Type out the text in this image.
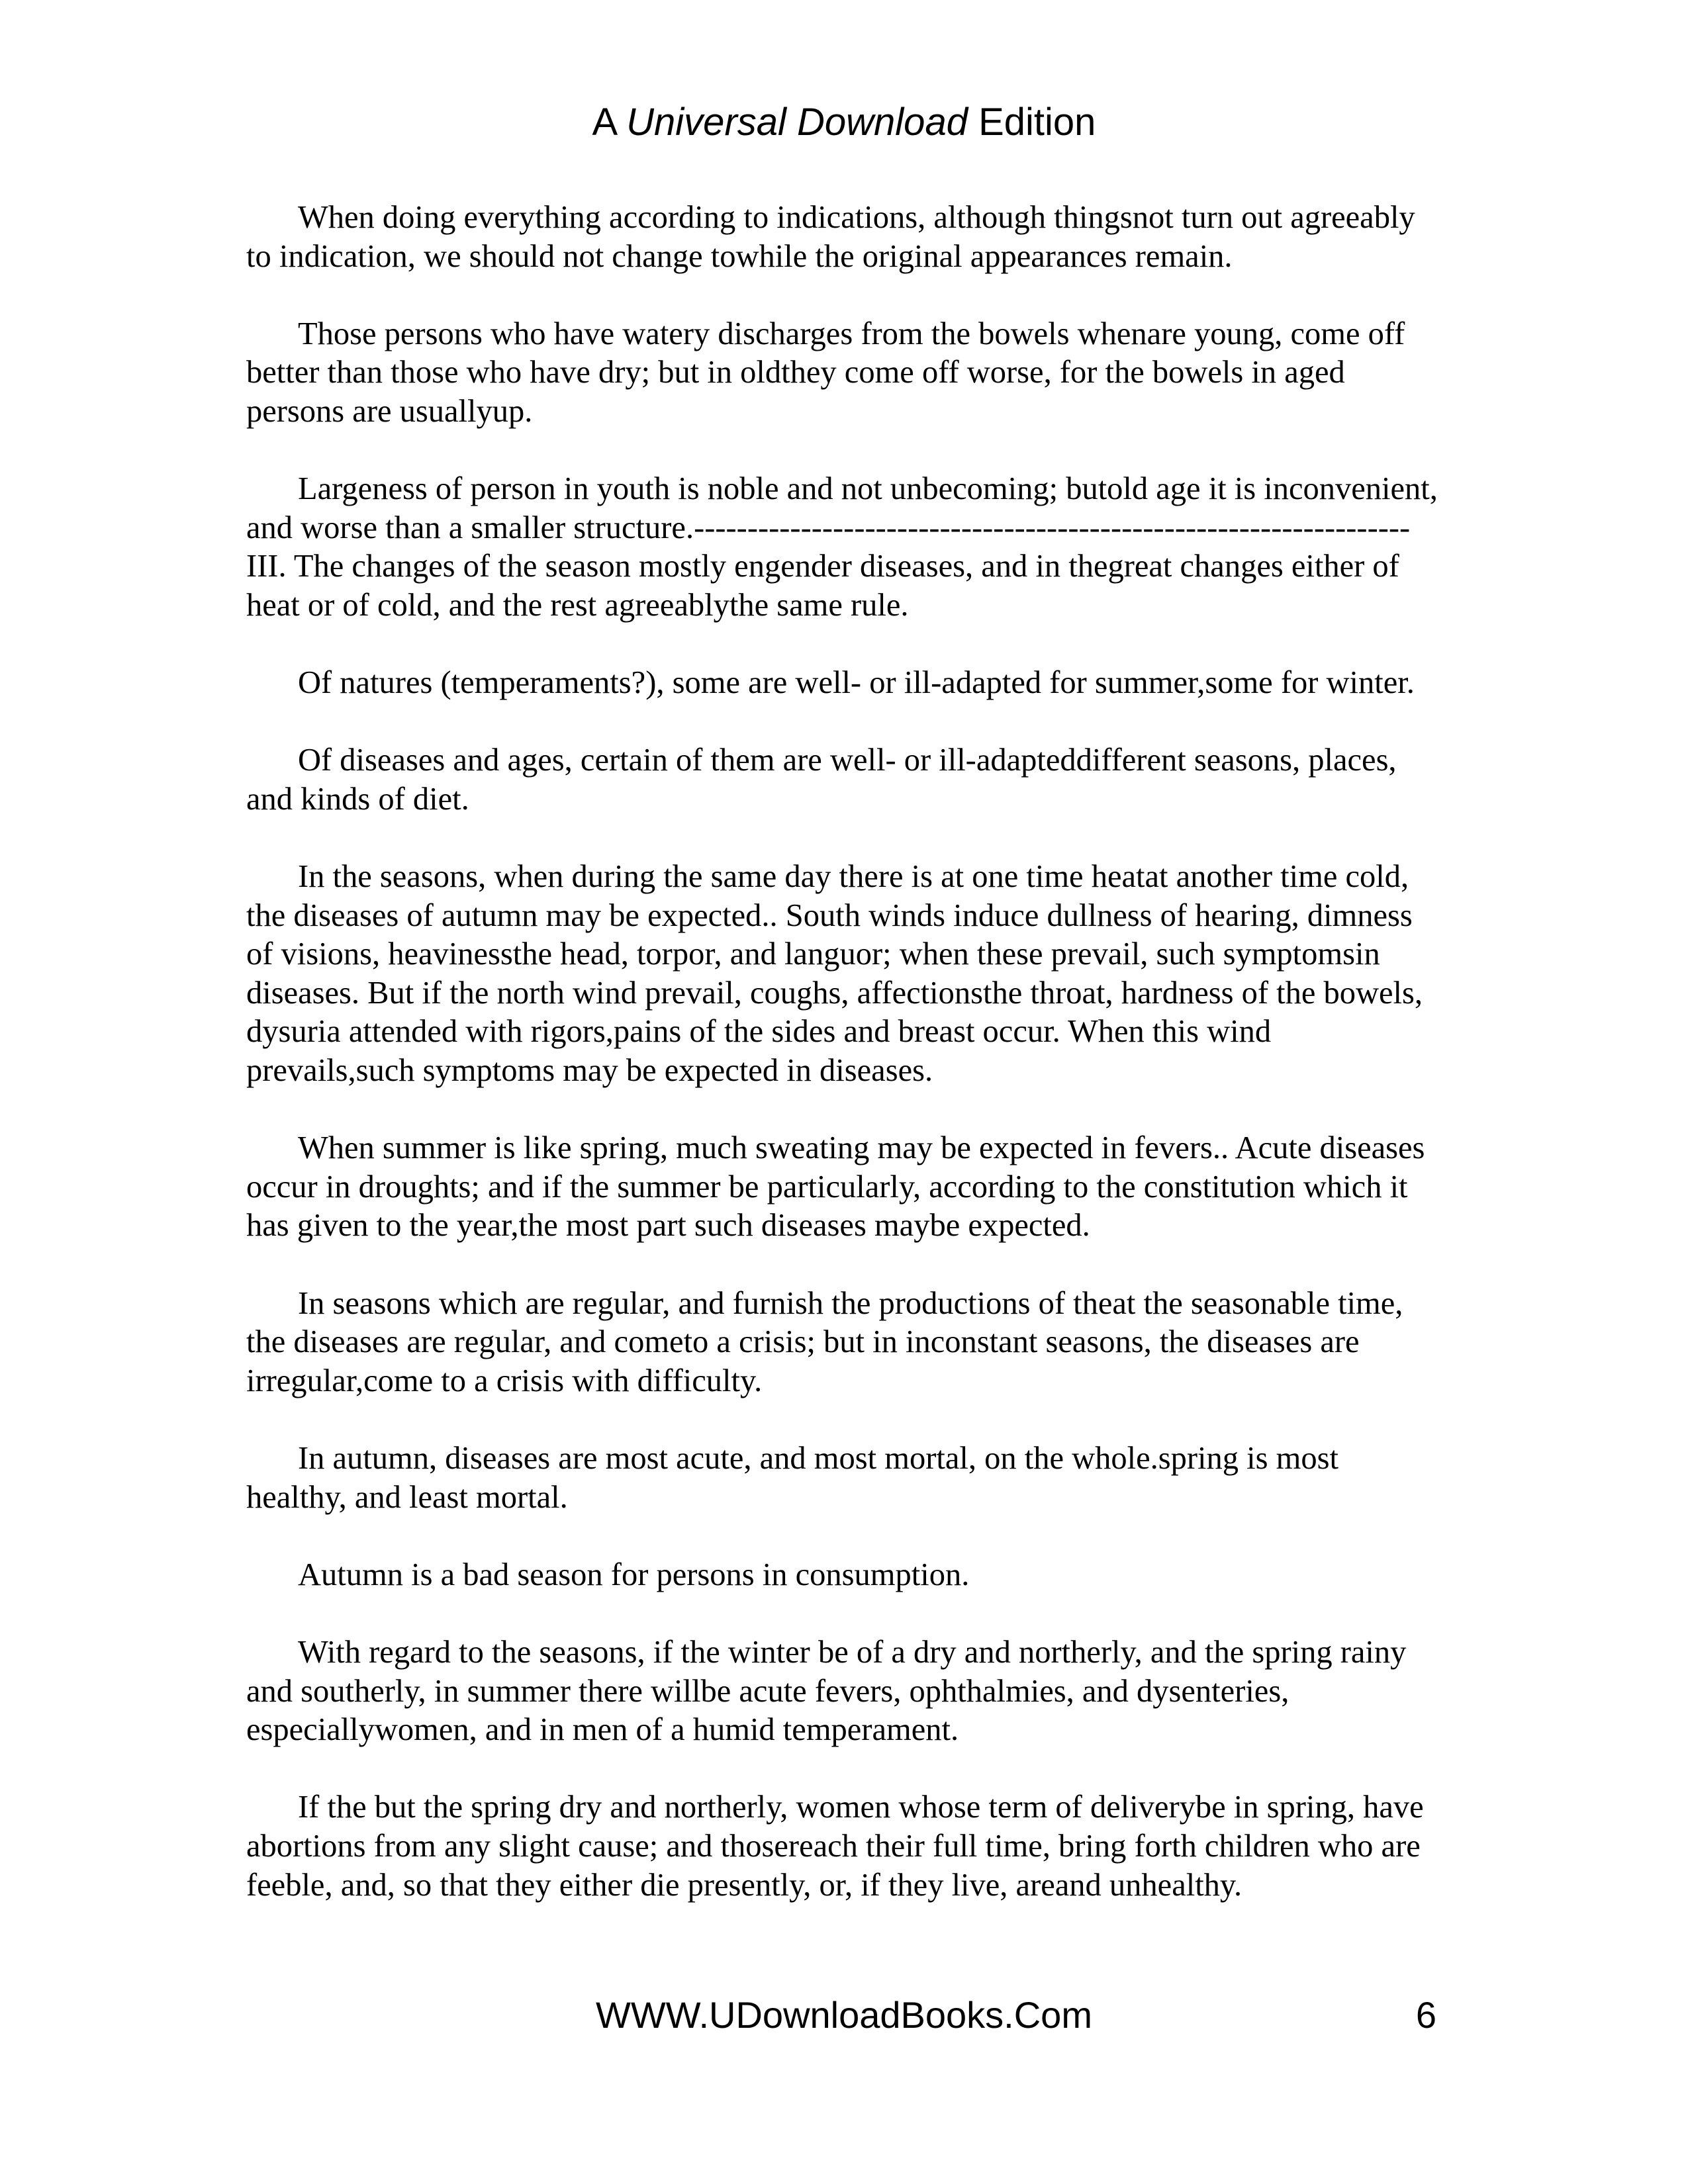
A Universal Download Edition

When doing everything according to indications, although thingsnot turn out agreeably to indication, we should not change towhile the original appearances remain.

Those persons who have watery discharges from the bowels whenare young, come off better than those who have dry; but in oldthey come off worse, for the bowels in aged persons are usuallyup.

Largeness of person in youth is noble and not unbecoming; butold age it is inconvenient, and worse than a smaller structure.-------------------------------------------------------------------III. The changes of the season mostly engender diseases, and in thegreat changes either of heat or of cold, and the rest agreeablythe same rule.

Of natures (temperaments?), some are well- or ill-adapted for summer,some for winter.

Of diseases and ages, certain of them are well- or ill-adapteddifferent seasons, places, and kinds of diet.

In the seasons, when during the same day there is at one time heatat another time cold, the diseases of autumn may be expected.. South winds induce dullness of hearing, dimness of visions, heavinessthe head, torpor, and languor; when these prevail, such symptomsin diseases. But if the north wind prevail, coughs, affectionsthe throat, hardness of the bowels, dysuria attended with rigors,pains of the sides and breast occur. When this wind prevails,such symptoms may be expected in diseases.

When summer is like spring, much sweating may be expected in fevers.. Acute diseases occur in droughts; and if the summer be particularly, according to the constitution which it has given to the year,the most part such diseases maybe expected.

In seasons which are regular, and furnish the productions of theat the seasonable time, the diseases are regular, and cometo a crisis; but in inconstant seasons, the diseases are irregular,come to a crisis with difficulty.

In autumn, diseases are most acute, and most mortal, on the whole.spring is most healthy, and least mortal.

Autumn is a bad season for persons in consumption.

With regard to the seasons, if the winter be of a dry and northerly, and the spring rainy and southerly, in summer there willbe acute fevers, ophthalmies, and dysenteries, especiallywomen, and in men of a humid temperament.

If the but the spring dry and northerly, women whose term of deliverybe in spring, have abortions from any slight cause; and thosereach their full time, bring forth children who are feeble, and, so that they either die presently, or, if they live, areand unhealthy.

WWW.UDownloadBooks.Com	6
